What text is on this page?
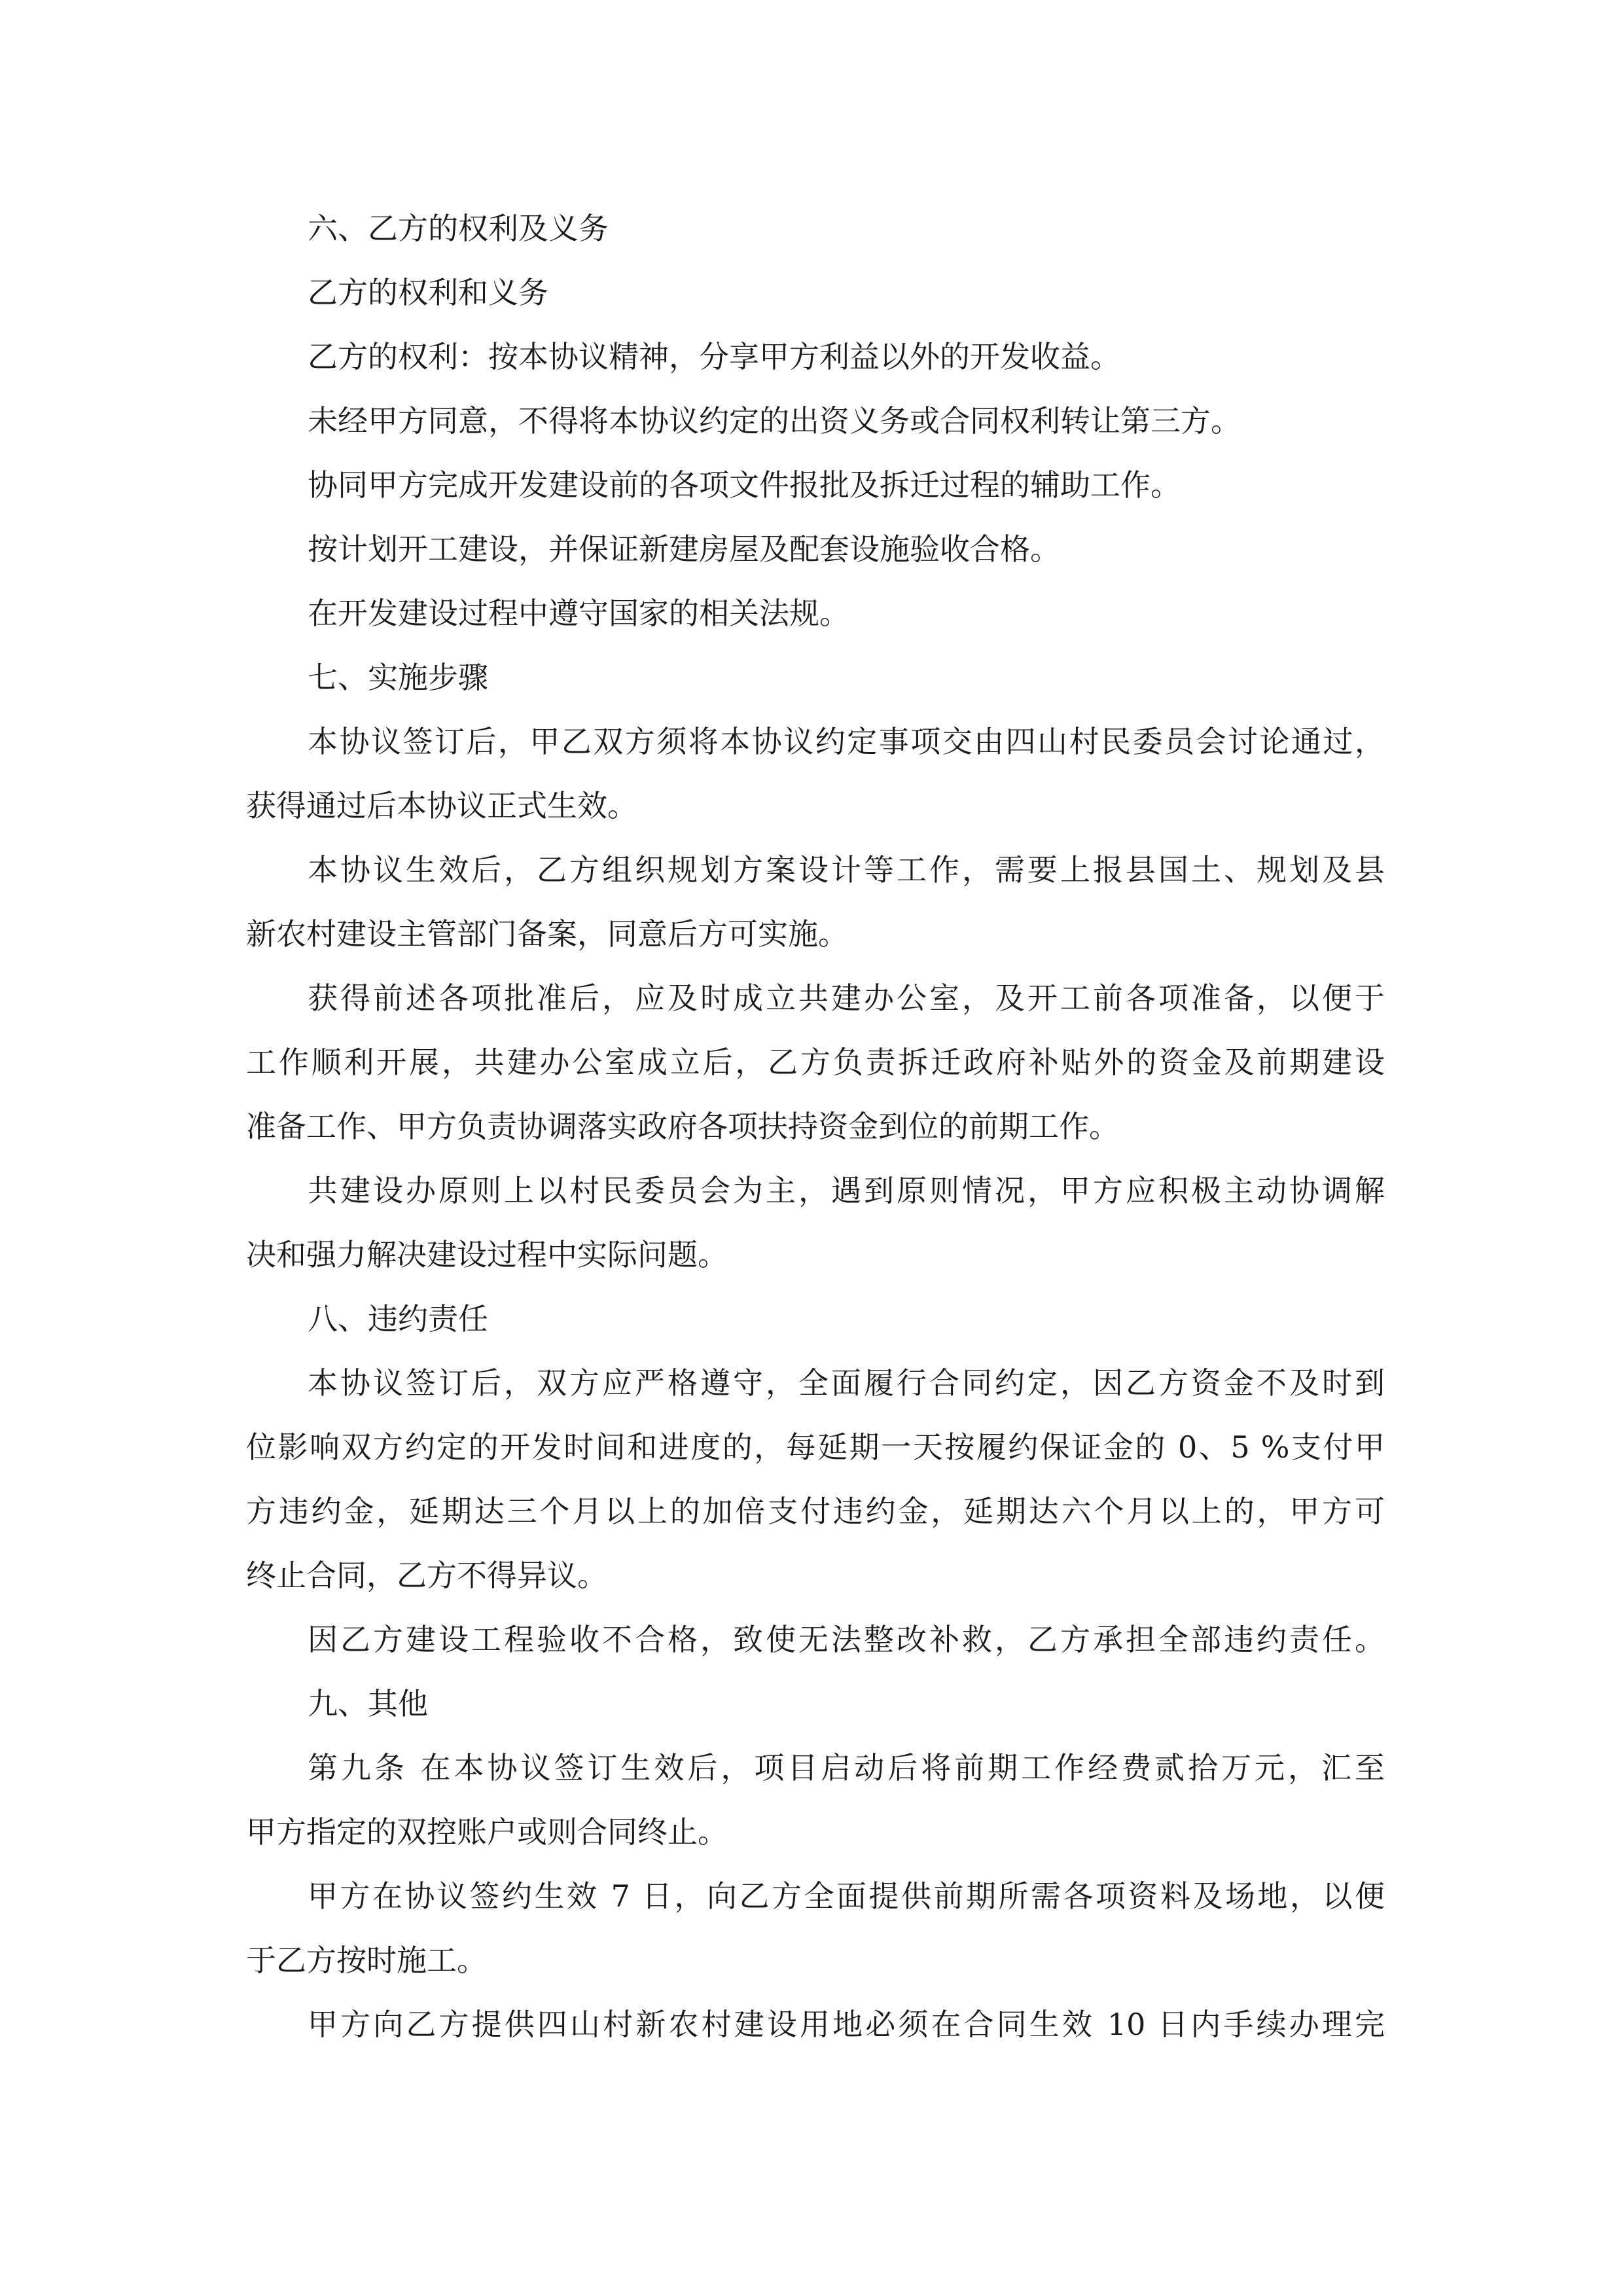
六、乙方的权利及义务
乙方的权利和义务
乙方的权利：按本协议精神，分享甲方利益以外的开发收益。
未经甲方同意，不得将本协议约定的出资义务或合同权利转让第三方。
协同甲方完成开发建设前的各项文件报批及拆迁过程的辅助工作。
按计划开工建设，并保证新建房屋及配套设施验收合格。
在开发建设过程中遵守国家的相关法规。
七、实施步骤
本协议签订后，甲乙双方须将本协议约定事项交由四山村民委员会讨论通过，
获得通过后本协议正式生效。
本协议生效后，乙方组织规划方案设计等工作，需要上报县国土、规划及县
新农村建设主管部门备案，同意后方可实施。
获得前述各项批准后，应及时成立共建办公室，及开工前各项准备，以便于
工作顺利开展，共建办公室成立后，乙方负责拆迁政府补贴外的资金及前期建设
准备工作、甲方负责协调落实政府各项扶持资金到位的前期工作。
共建设办原则上以村民委员会为主，遇到原则情况，甲方应积极主动协调解
决和强力解决建设过程中实际问题。
八、违约责任
本协议签订后，双方应严格遵守，全面履行合同约定，因乙方资金不及时到
位影响双方约定的开发时间和进度的，每延期一天按履约保证金的 0、5 %支付甲
方违约金，延期达三个月以上的加倍支付违约金，延期达六个月以上的，甲方可
终止合同，乙方不得异议。
因乙方建设工程验收不合格，致使无法整改补救，乙方承担全部违约责任。
九、其他
第九条 在本协议签订生效后，项目启动后将前期工作经费贰拾万元，汇至
甲方指定的双控账户或则合同终止。
甲方在协议签约生效 7 日，向乙方全面提供前期所需各项资料及场地，以便
于乙方按时施工。
甲方向乙方提供四山村新农村建设用地必须在合同生效 10 日内手续办理完
